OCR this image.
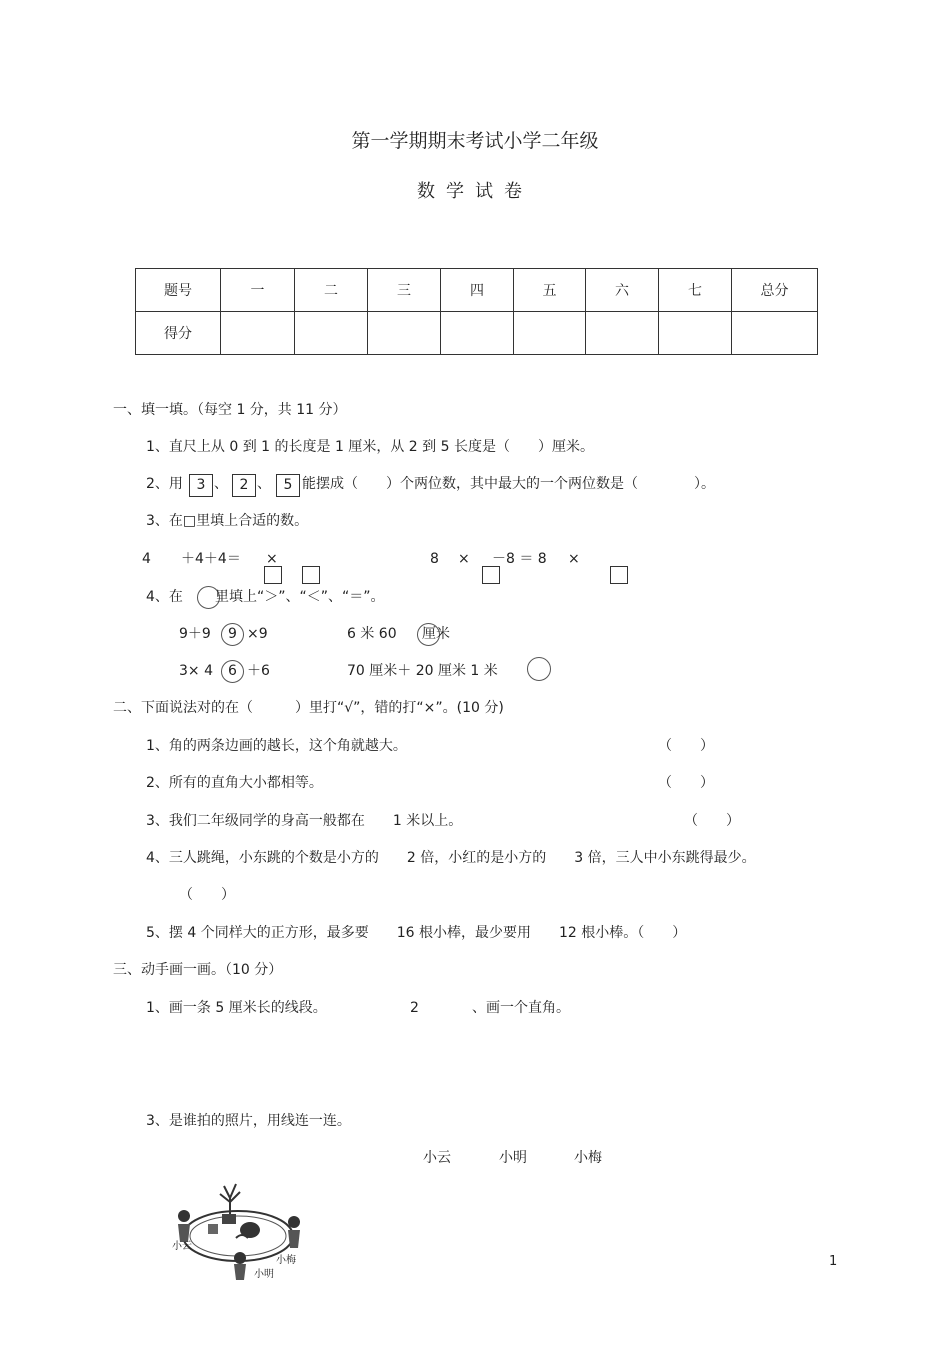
第一学期期末考试小学二年级
数学试卷
题号	一	二	三	四	五	六	七	总分
得分								
一、填一填。（每空 1 分，共 11 分）
1、直尺上从 0 到 1 的长度是 1 厘米，从 2 到 5 长度是（　　）厘米。
2、用 3 、 2 、 5 能摆成（　　）个两位数，其中最大的一个两位数是（　　　　）。
3、在□里填上合适的数。
4 ＋4＋4＝ ×	8 × －8 ＝ 8 ×
4、在 里填上“＞”、“＜”、“＝”。
9＋9	9 ×9	6 米 60 厘米
3× 4	6 ＋6	70 厘米＋ 20 厘米 1 米
二、下面说法对的在（　　　）里打“√”，错的打“×”。(10 分)
1、角的两条边画的越长，这个角就越大。	（　　）
2、所有的直角大小都相等。	（　　）
3、我们二年级同学的身高一般都在　　1 米以上。	（　　）
4、三人跳绳，小东跳的个数是小方的　　2 倍，小红的是小方的　　3 倍，三人中小东跳得最少。
（　　）
5、摆 4 个同样大的正方形，最多要　　16 根小棒，最少要用　　12 根小棒。（　　）
三、动手画一画。（10 分）
1、画一条 5 厘米长的线段。	2	、画一个直角。
3、是谁拍的照片，用线连一连。
小云	小明	小梅
小云
小梅
小明
1
